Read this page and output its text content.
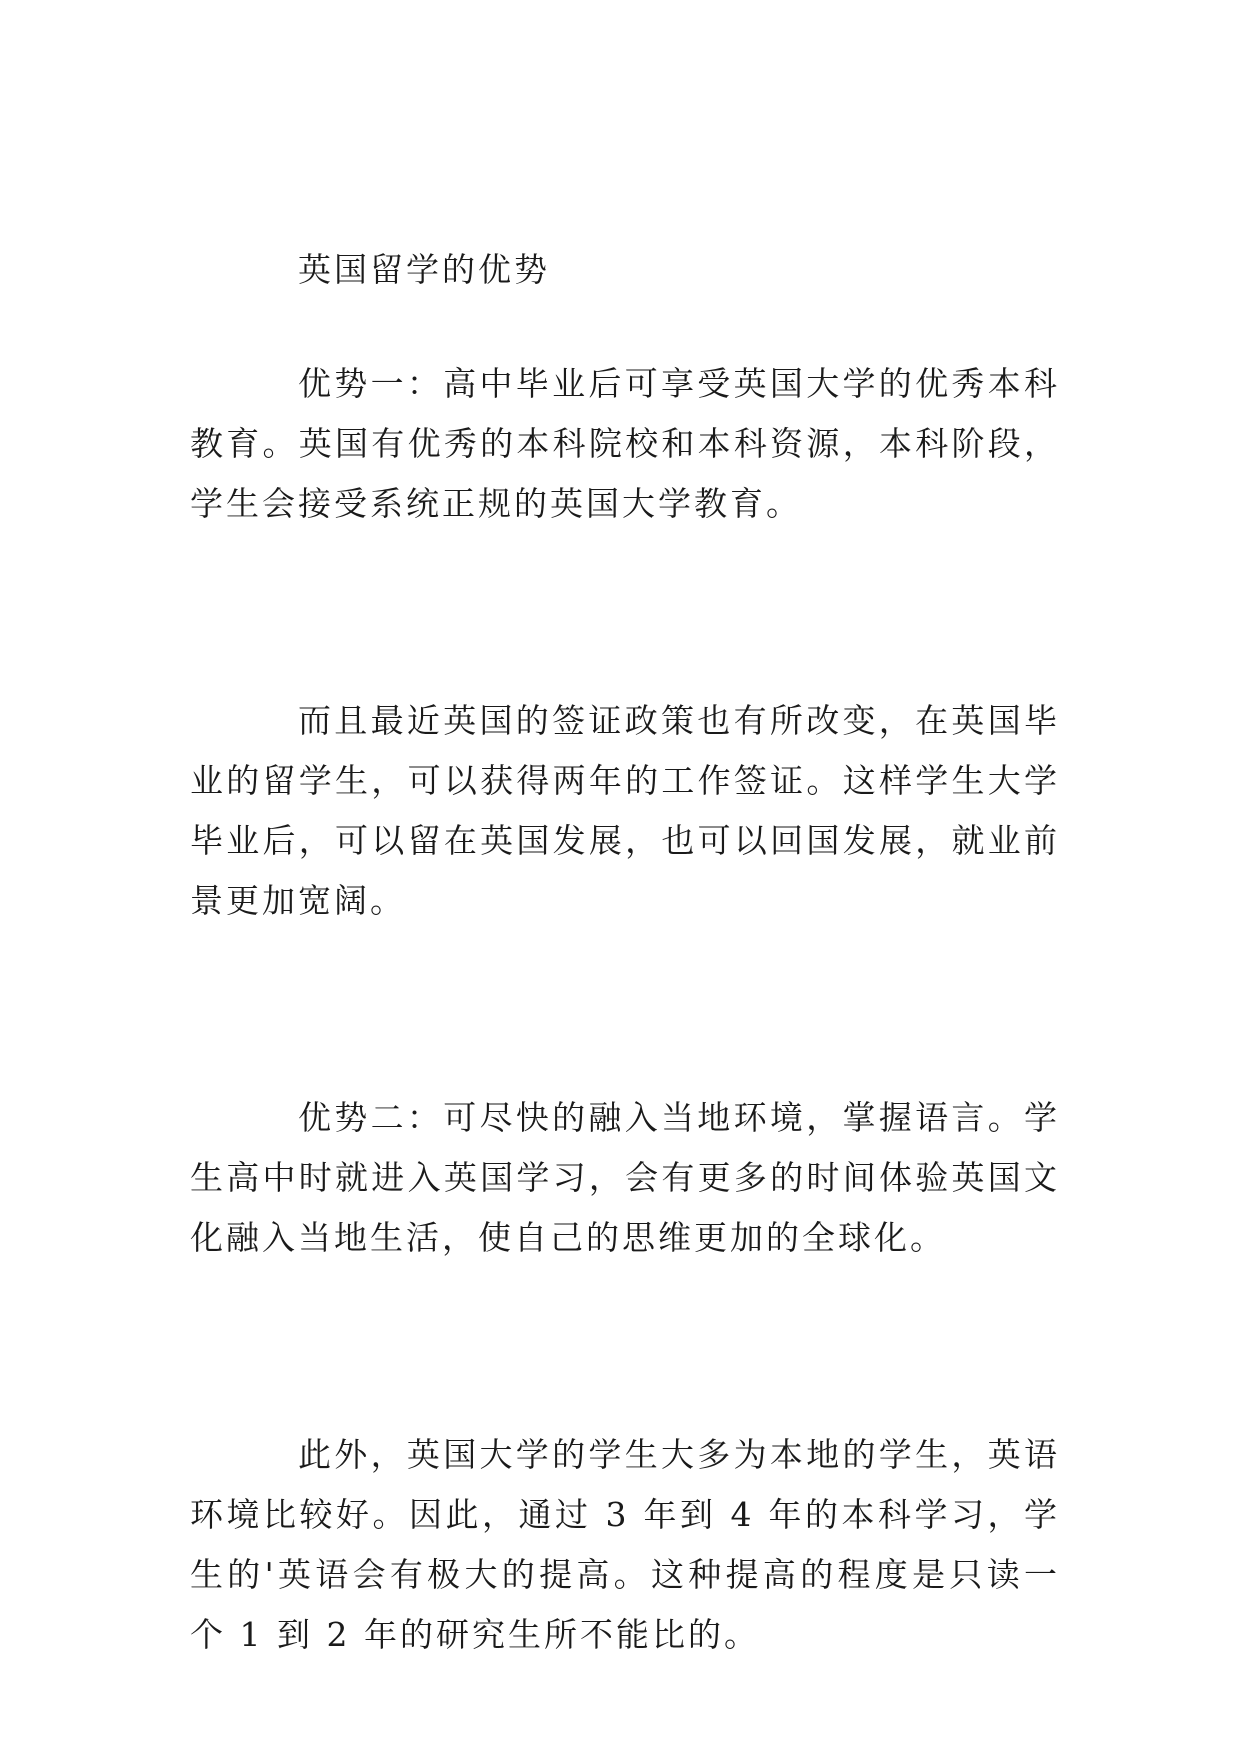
英国留学的优势

优势一：高中毕业后可享受英国大学的优秀本科教育。英国有优秀的本科院校和本科资源，本科阶段，学生会接受系统正规的英国大学教育。

而且最近英国的签证政策也有所改变，在英国毕业的留学生，可以获得两年的工作签证。这样学生大学毕业后，可以留在英国发展，也可以回国发展，就业前景更加宽阔。

优势二：可尽快的融入当地环境，掌握语言。学生高中时就进入英国学习，会有更多的时间体验英国文化融入当地生活，使自己的思维更加的全球化。

此外，英国大学的学生大多为本地的学生，英语环境比较好。因此，通过 3 年到 4 年的本科学习，学生的'英语会有极大的提高。这种提高的程度是只读一个 1 到 2 年的研究生所不能比的。
